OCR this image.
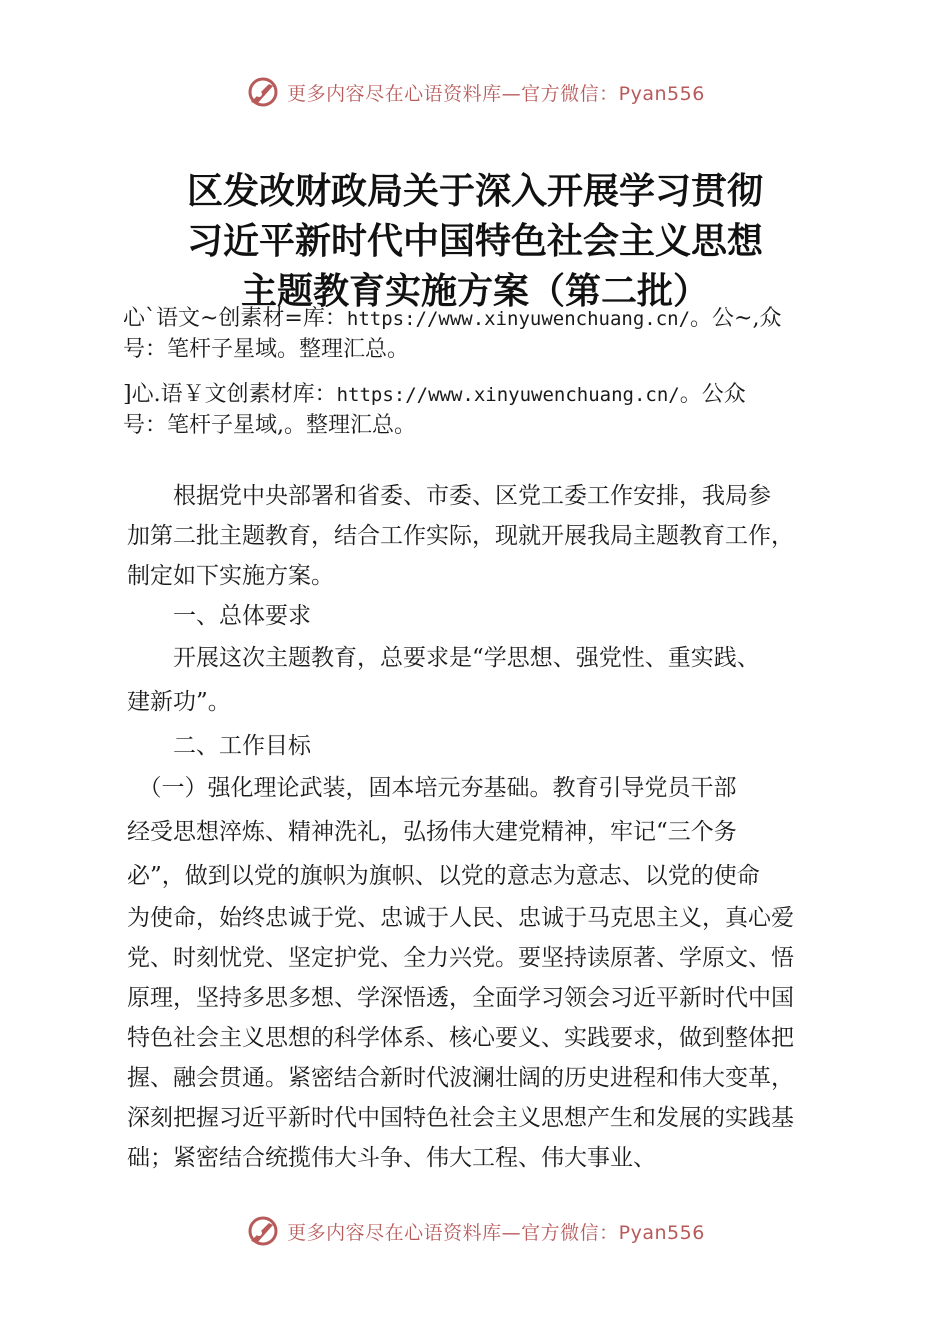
更多内容尽在心语资料库—官方微信：Pyan556
区发改财政局关于深入开展学习贯彻
习近平新时代中国特色社会主义思想
主题教育实施方案（第二批）
心`语文~创素材=库：https://www.xinyuwenchuang.cn/。公~,众
号：笔杆子星域。整理汇总。
]心.语￥文创素材库：https://www.xinyuwenchuang.cn/。公众
号：笔杆子星域,。整理汇总。
　　根据党中央部署和省委、市委、区党工委工作安排，我局参
加第二批主题教育，结合工作实际，现就开展我局主题教育工作，
制定如下实施方案。
　　一、总体要求
　　开展这次主题教育，总要求是“学思想、强党性、重实践、
建新功”。
　　二、工作目标
　（一）强化理论武装，固本培元夯基础。教育引导党员干部
经受思想淬炼、精神洗礼，弘扬伟大建党精神，牢记“三个务
必”，做到以党的旗帜为旗帜、以党的意志为意志、以党的使命
为使命，始终忠诚于党、忠诚于人民、忠诚于马克思主义，真心爱
党、时刻忧党、坚定护党、全力兴党。要坚持读原著、学原文、悟
原理，坚持多思多想、学深悟透，全面学习领会习近平新时代中国
特色社会主义思想的科学体系、核心要义、实践要求，做到整体把
握、融会贯通。紧密结合新时代波澜壮阔的历史进程和伟大变革，
深刻把握习近平新时代中国特色社会主义思想产生和发展的实践基
础；紧密结合统揽伟大斗争、伟大工程、伟大事业、
更多内容尽在心语资料库—官方微信：Pyan556
